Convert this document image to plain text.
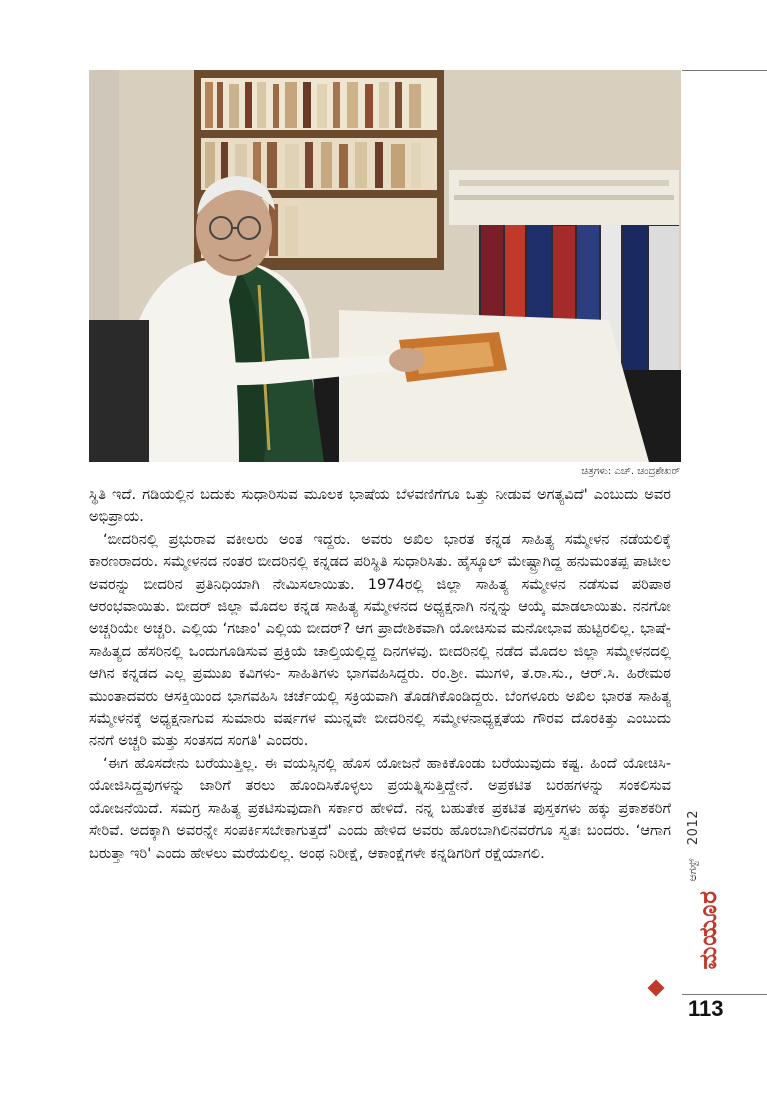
ಚಿತ್ರಗಳು: ಎಚ್. ಚಂದ್ರಶೇಖರ್

ಸ್ಥಿತಿ ಇದೆ. ಗಡಿಯಲ್ಲಿನ ಬದುಕು ಸುಧಾರಿಸುವ ಮೂಲಕ ಭಾಷೆಯ ಬೆಳವಣಿಗೆಗೂ ಒತ್ತು ನೀಡುವ ಅಗತ್ಯವಿದೆ' ಎಂಬುದು ಅವರ ಅಭಿಪ್ರಾಯ.

‘ಬೀದರಿನಲ್ಲಿ ಪ್ರಭುರಾವ ವಕೀಲರು ಅಂತ ಇದ್ದರು. ಅವರು ಅಖಿಲ ಭಾರತ ಕನ್ನಡ ಸಾಹಿತ್ಯ ಸಮ್ಮೇಳನ ನಡೆಯಲಿಕ್ಕೆ ಕಾರಣರಾದರು. ಸಮ್ಮೇಳನದ ನಂತರ ಬೀದರಿನಲ್ಲಿ ಕನ್ನಡದ ಪರಿಸ್ಥಿತಿ ಸುಧಾರಿಸಿತು. ಹೈಸ್ಕೂಲ್ ಮೇಷ್ಟ್ರಾಗಿದ್ದ ಹನುಮಂತಪ್ಪ ಪಾಟೀಲ ಅವರನ್ನು ಬೀದರಿನ ಪ್ರತಿನಿಧಿಯಾಗಿ ನೇಮಿಸಲಾಯಿತು. 1974ರಲ್ಲಿ ಜಿಲ್ಲಾ ಸಾಹಿತ್ಯ ಸಮ್ಮೇಳನ ನಡೆಸುವ ಪರಿಪಾಠ ಆರಂಭವಾಯಿತು. ಬೀದರ್ ಜಿಲ್ಲಾ ಮೊದಲ ಕನ್ನಡ ಸಾಹಿತ್ಯ ಸಮ್ಮೇಳನದ ಅಧ್ಯಕ್ಷನಾಗಿ ನನ್ನನ್ನು ಆಯ್ಕೆ ಮಾಡಲಾಯಿತು. ನನಗೋ ಅಚ್ಚರಿಯೇ ಅಚ್ಚರಿ. ಎಲ್ಲಿಯ ‘ಗಜಾಂ' ಎಲ್ಲಿಯ ಬೀದರ್? ಆಗ ಪ್ರಾದೇಶಿಕವಾಗಿ ಯೋಚಿಸುವ ಮನೋಭಾವ ಹುಟ್ಟಿರಲಿಲ್ಲ. ಭಾಷೆ- ಸಾಹಿತ್ಯದ ಹೆಸರಿನಲ್ಲಿ ಒಂದುಗೂಡಿಸುವ ಪ್ರಕ್ರಿಯೆ ಚಾಲ್ತಿಯಲ್ಲಿದ್ದ ದಿನಗಳವು. ಬೀದರಿನಲ್ಲಿ ನಡೆದ ಮೊದಲ ಜಿಲ್ಲಾ ಸಮ್ಮೇಳನದಲ್ಲಿ ಆಗಿನ ಕನ್ನಡದ ಎಲ್ಲ ಪ್ರಮುಖ ಕವಿಗಳು- ಸಾಹಿತಿಗಳು ಭಾಗವಹಿಸಿದ್ದರು. ರಂ.ಶ್ರೀ. ಮುಗಳಿ, ತ.ರಾ.ಸು., ಆರ್.ಸಿ. ಹಿರೇಮಠ ಮುಂತಾದವರು ಆಸಕ್ತಿಯಿಂದ ಭಾಗವಹಿಸಿ ಚರ್ಚೆಯಲ್ಲಿ ಸಕ್ರಿಯವಾಗಿ ತೊಡಗಿಕೊಂಡಿದ್ದರು. ಬೆಂಗಳೂರು ಅಖಿಲ ಭಾರತ ಸಾಹಿತ್ಯ ಸಮ್ಮೇಳನಕ್ಕೆ ಅಧ್ಯಕ್ಷನಾಗುವ ಸುಮಾರು ವರ್ಷಗಳ ಮುನ್ನವೇ ಬೀದರಿನಲ್ಲಿ ಸಮ್ಮೇಳನಾಧ್ಯಕ್ಷತೆಯ ಗೌರವ ದೊರಕಿತ್ತು ಎಂಬುದು ನನಗೆ ಅಚ್ಚರಿ ಮತ್ತು ಸಂತಸದ ಸಂಗತಿ' ಎಂದರು.

‘ಈಗ ಹೊಸದೇನು ಬರೆಯುತ್ತಿಲ್ಲ. ಈ ವಯಸ್ಸಿನಲ್ಲಿ ಹೊಸ ಯೋಜನೆ ಹಾಕಿಕೊಂಡು ಬರೆಯುವುದು ಕಷ್ಟ. ಹಿಂದೆ ಯೋಚಿಸಿ- ಯೋಜಿಸಿದ್ದವುಗಳನ್ನು ಜಾರಿಗೆ ತರಲು ಹೊಂದಿಸಿಕೊಳ್ಳಲು ಪ್ರಯತ್ನಿಸುತ್ತಿದ್ದೇನೆ. ಅಪ್ರಕಟಿತ ಬರಹಗಳನ್ನು ಸಂಕಲಿಸುವ ಯೋಜನೆಯಿದೆ. ಸಮಗ್ರ ಸಾಹಿತ್ಯ ಪ್ರಕಟಿಸುವುದಾಗಿ ಸರ್ಕಾರ ಹೇಳಿದೆ. ನನ್ನ ಬಹುತೇಕ ಪ್ರಕಟಿತ ಪುಸ್ತಕಗಳು ಹಕ್ಕು ಪ್ರಕಾಶಕರಿಗೆ ಸೇರಿವೆ. ಅದಕ್ಕಾಗಿ ಅವರನ್ನೇ ಸಂಪರ್ಕಿಸಬೇಕಾಗುತ್ತದೆ' ಎಂದು ಹೇಳಿದ ಅವರು ಹೊರಬಾಗಿಲಿನವರೆಗೂ ಸ್ವತಃ ಬಂದರು. ‘ಆಗಾಗ ಬರುತ್ತಾ ಇರಿ' ಎಂದು ಹೇಳಲು ಮರೆಯಲಿಲ್ಲ. ಅಂಥ ನಿರೀಕ್ಷೆ, ಆಕಾಂಕ್ಷೆಗಳೇ ಕನ್ನಡಿಗರಿಗೆ ರಕ್ಷೆಯಾಗಲಿ.

2012
ಆಗಸ್ಟ್
ಮಯೂರ
113
